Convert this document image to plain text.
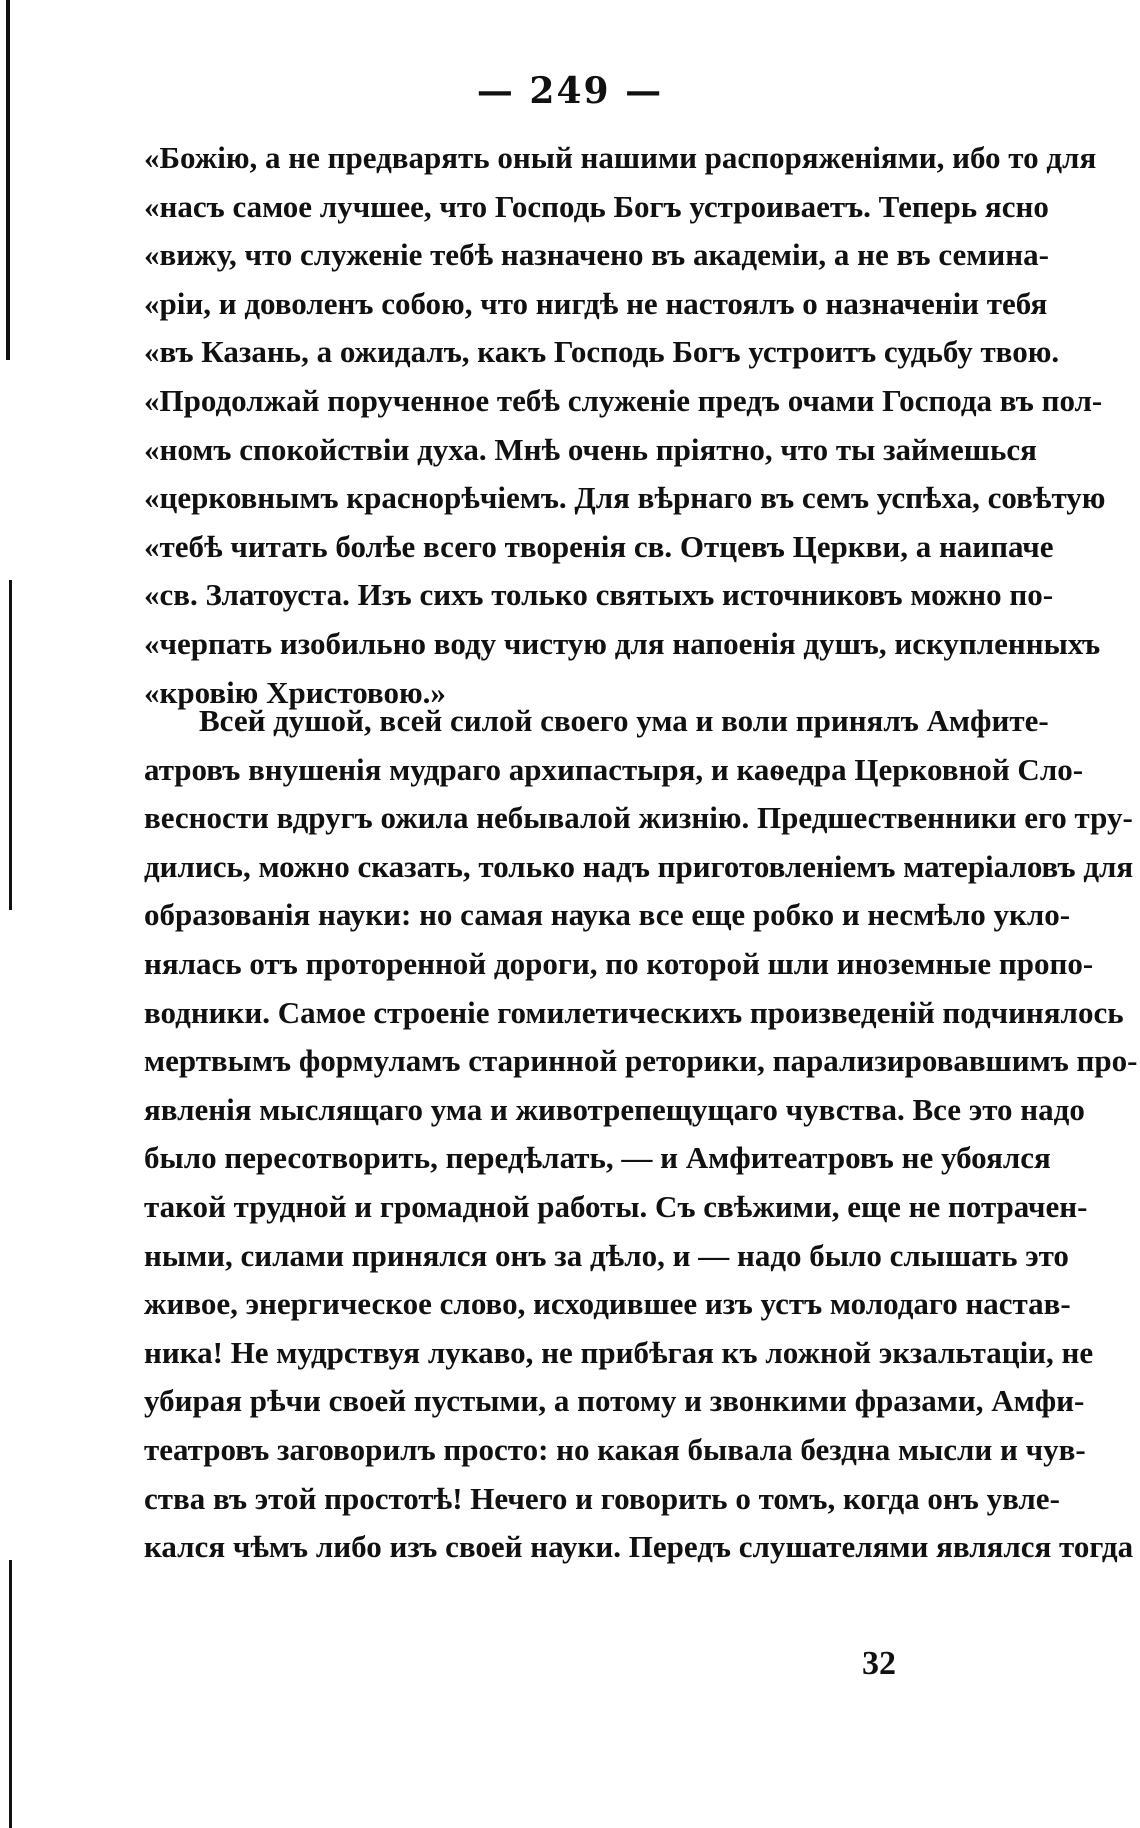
— 249 —
«Божію, а не предварять оный нашими распоряженіями, ибо то для
«насъ самое лучшее, что Господь Богъ устроиваетъ. Теперь ясно
«вижу, что служеніе тебѣ назначено въ академіи, а не въ семина-
«ріи, и доволенъ собою, что нигдѣ не настоялъ о назначеніи тебя
«въ Казань, а ожидалъ, какъ Господь Богъ устроитъ судьбу твою.
«Продолжай порученное тебѣ служеніе предъ очами Господа въ пол-
«номъ спокойствіи духа. Мнѣ очень пріятно, что ты займешься
«церковнымъ краснорѣчіемъ. Для вѣрнаго въ семъ успѣха, совѣтую
«тебѣ читать болѣе всего творенія св. Отцевъ Церкви, а наипаче
«св. Златоуста. Изъ сихъ только святыхъ источниковъ можно по-
«черпать изобильно воду чистую для напоенія душъ, искупленныхъ
«кровію Христовою.»
Всей душой, всей силой своего ума и воли принялъ Амфите-
атровъ внушенія мудраго архипастыря, и каѳедра Церковной Сло-
весности вдругъ ожила небывалой жизнію. Предшественники его тру-
дились, можно сказать, только надъ приготовленіемъ матеріаловъ для
образованія науки: но самая наука все еще робко и несмѣло укло-
нялась отъ проторенной дороги, по которой шли иноземные пропо-
водники. Самое строеніе гомилетическихъ произведеній подчинялось
мертвымъ формуламъ старинной реторики, парализировавшимъ про-
явленія мыслящаго ума и животрепещущаго чувства. Все это надо
было пересотворить, передѣлать, — и Амфитеатровъ не убоялся
такой трудной и громадной работы. Съ свѣжими, еще не потрачен-
ными, силами принялся онъ за дѣло, и — надо было слышать это
живое, энергическое слово, исходившее изъ устъ молодаго настав-
ника! Не мудрствуя лукаво, не прибѣгая къ ложной экзальтаціи, не
убирая рѣчи своей пустыми, а потому и звонкими фразами, Амфи-
театровъ заговорилъ просто: но какая бывала бездна мысли и чув-
ства въ этой простотѣ! Нечего и говорить о томъ, когда онъ увле-
кался чѣмъ либо изъ своей науки. Передъ слушателями являлся тогда
32
